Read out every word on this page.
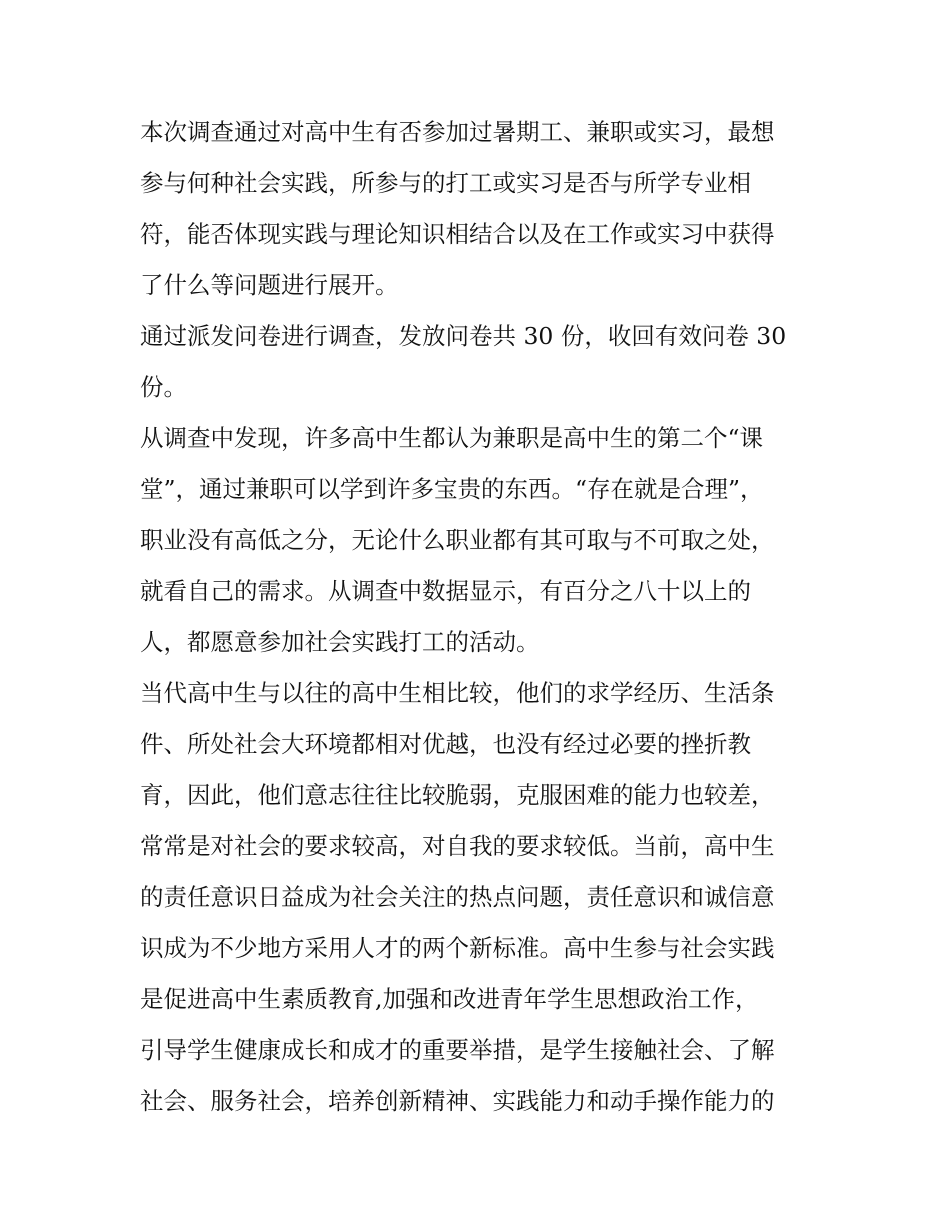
本次调查通过对高中生有否参加过暑期工、兼职或实习，最想
参与何种社会实践，所参与的打工或实习是否与所学专业相
符，能否体现实践与理论知识相结合以及在工作或实习中获得
了什么等问题进行展开。
通过派发问卷进行调查，发放问卷共 30 份，收回有效问卷 30
份。
从调查中发现，许多高中生都认为兼职是高中生的第二个“课
堂”，通过兼职可以学到许多宝贵的东西。“存在就是合理”，
职业没有高低之分，无论什么职业都有其可取与不可取之处，
就看自己的需求。从调查中数据显示，有百分之八十以上的
人，都愿意参加社会实践打工的活动。
当代高中生与以往的高中生相比较，他们的求学经历、生活条
件、所处社会大环境都相对优越，也没有经过必要的挫折教
育，因此，他们意志往往比较脆弱，克服困难的能力也较差，
常常是对社会的要求较高，对自我的要求较低。当前，高中生
的责任意识日益成为社会关注的热点问题，责任意识和诚信意
识成为不少地方采用人才的两个新标准。高中生参与社会实践
是促进高中生素质教育,加强和改进青年学生思想政治工作，
引导学生健康成长和成才的重要举措，是学生接触社会、了解
社会、服务社会，培养创新精神、实践能力和动手操作能力的
